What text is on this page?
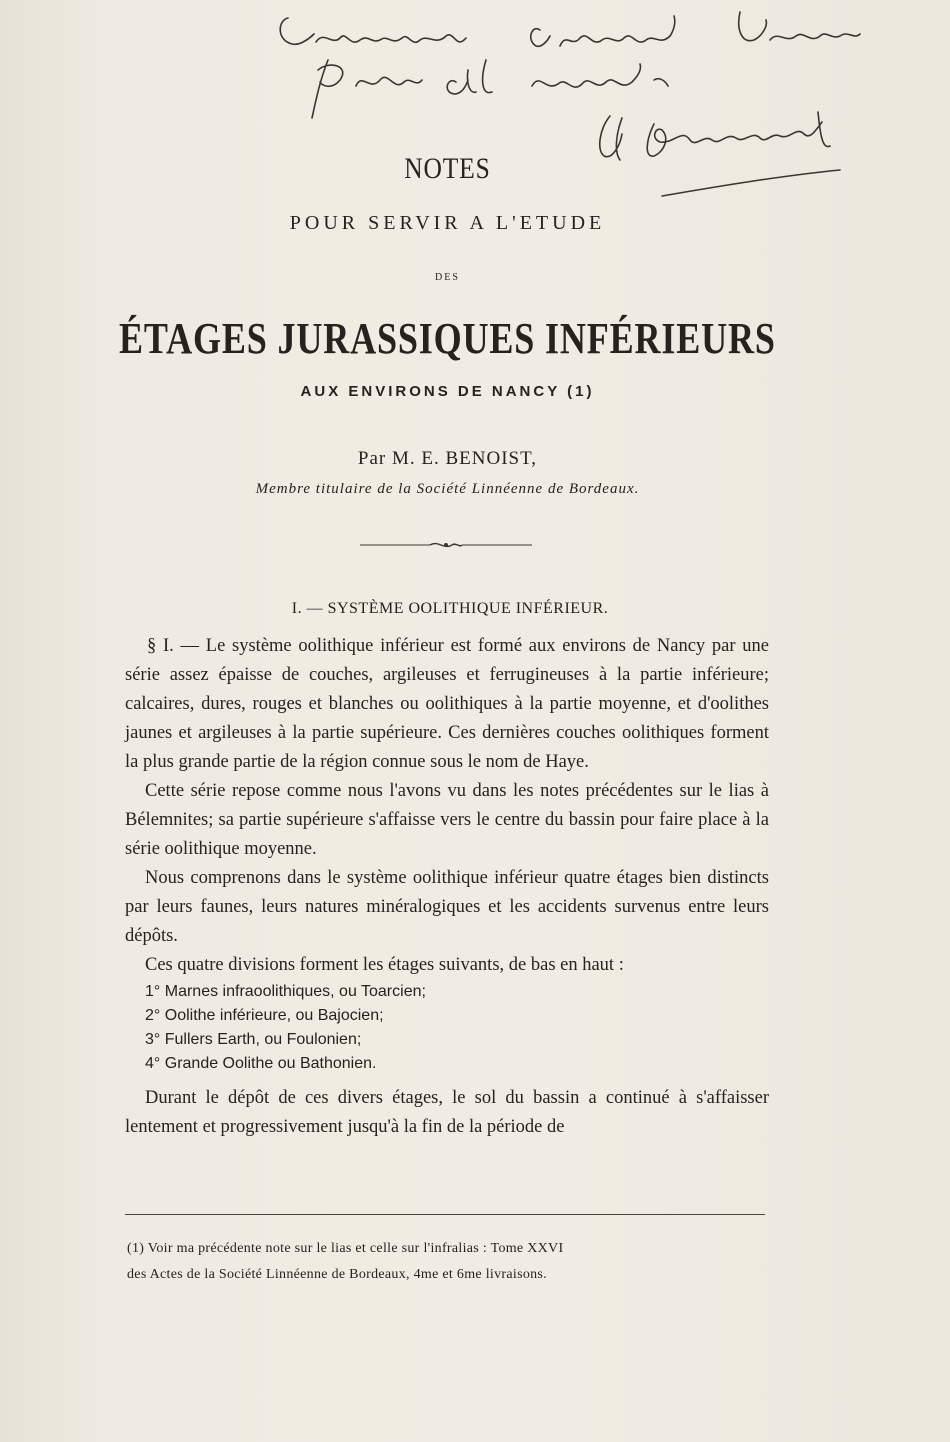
NOTES
POUR SERVIR A L'ETUDE
DES
ÉTAGES JURASSIQUES INFÉRIEURS
AUX ENVIRONS DE NANCY (1)
Par M. E. BENOIST,
Membre titulaire de la Société Linnéenne de Bordeaux.
I. — SYSTÈME OOLITHIQUE INFÉRIEUR.

§ I. — Le système oolithique inférieur est formé aux environs de Nancy par une série assez épaisse de couches, argileuses et ferrugineuses à la partie inférieure; calcaires, dures, rouges et blanches ou oolithiques à la partie moyenne, et d'oolithes jaunes et argileuses à la partie supérieure. Ces dernières couches oolithiques forment la plus grande partie de la région connue sous le nom de Haye.

Cette série repose comme nous l'avons vu dans les notes précédentes sur le lias à Bélemnites; sa partie supérieure s'affaisse vers le centre du bassin pour faire place à la série oolithique moyenne.

Nous comprenons dans le système oolithique inférieur quatre étages bien distincts par leurs faunes, leurs natures minéralogiques et les accidents survenus entre leurs dépôts.

Ces quatre divisions forment les étages suivants, de bas en haut :

1° Marnes infraoolithiques, ou Toarcien;
2° Oolithe inférieure, ou Bajocien;
3° Fullers Earth, ou Foulonien;
4° Grande Oolithe ou Bathonien.

Durant le dépôt de ces divers étages, le sol du bassin a continué à s'affaisser lentement et progressivement jusqu'à la fin de la période de

(1) Voir ma précédente note sur le lias et celle sur l'infralias : Tome XXVI
des Actes de la Société Linnéenne de Bordeaux, 4me et 6me livraisons.
